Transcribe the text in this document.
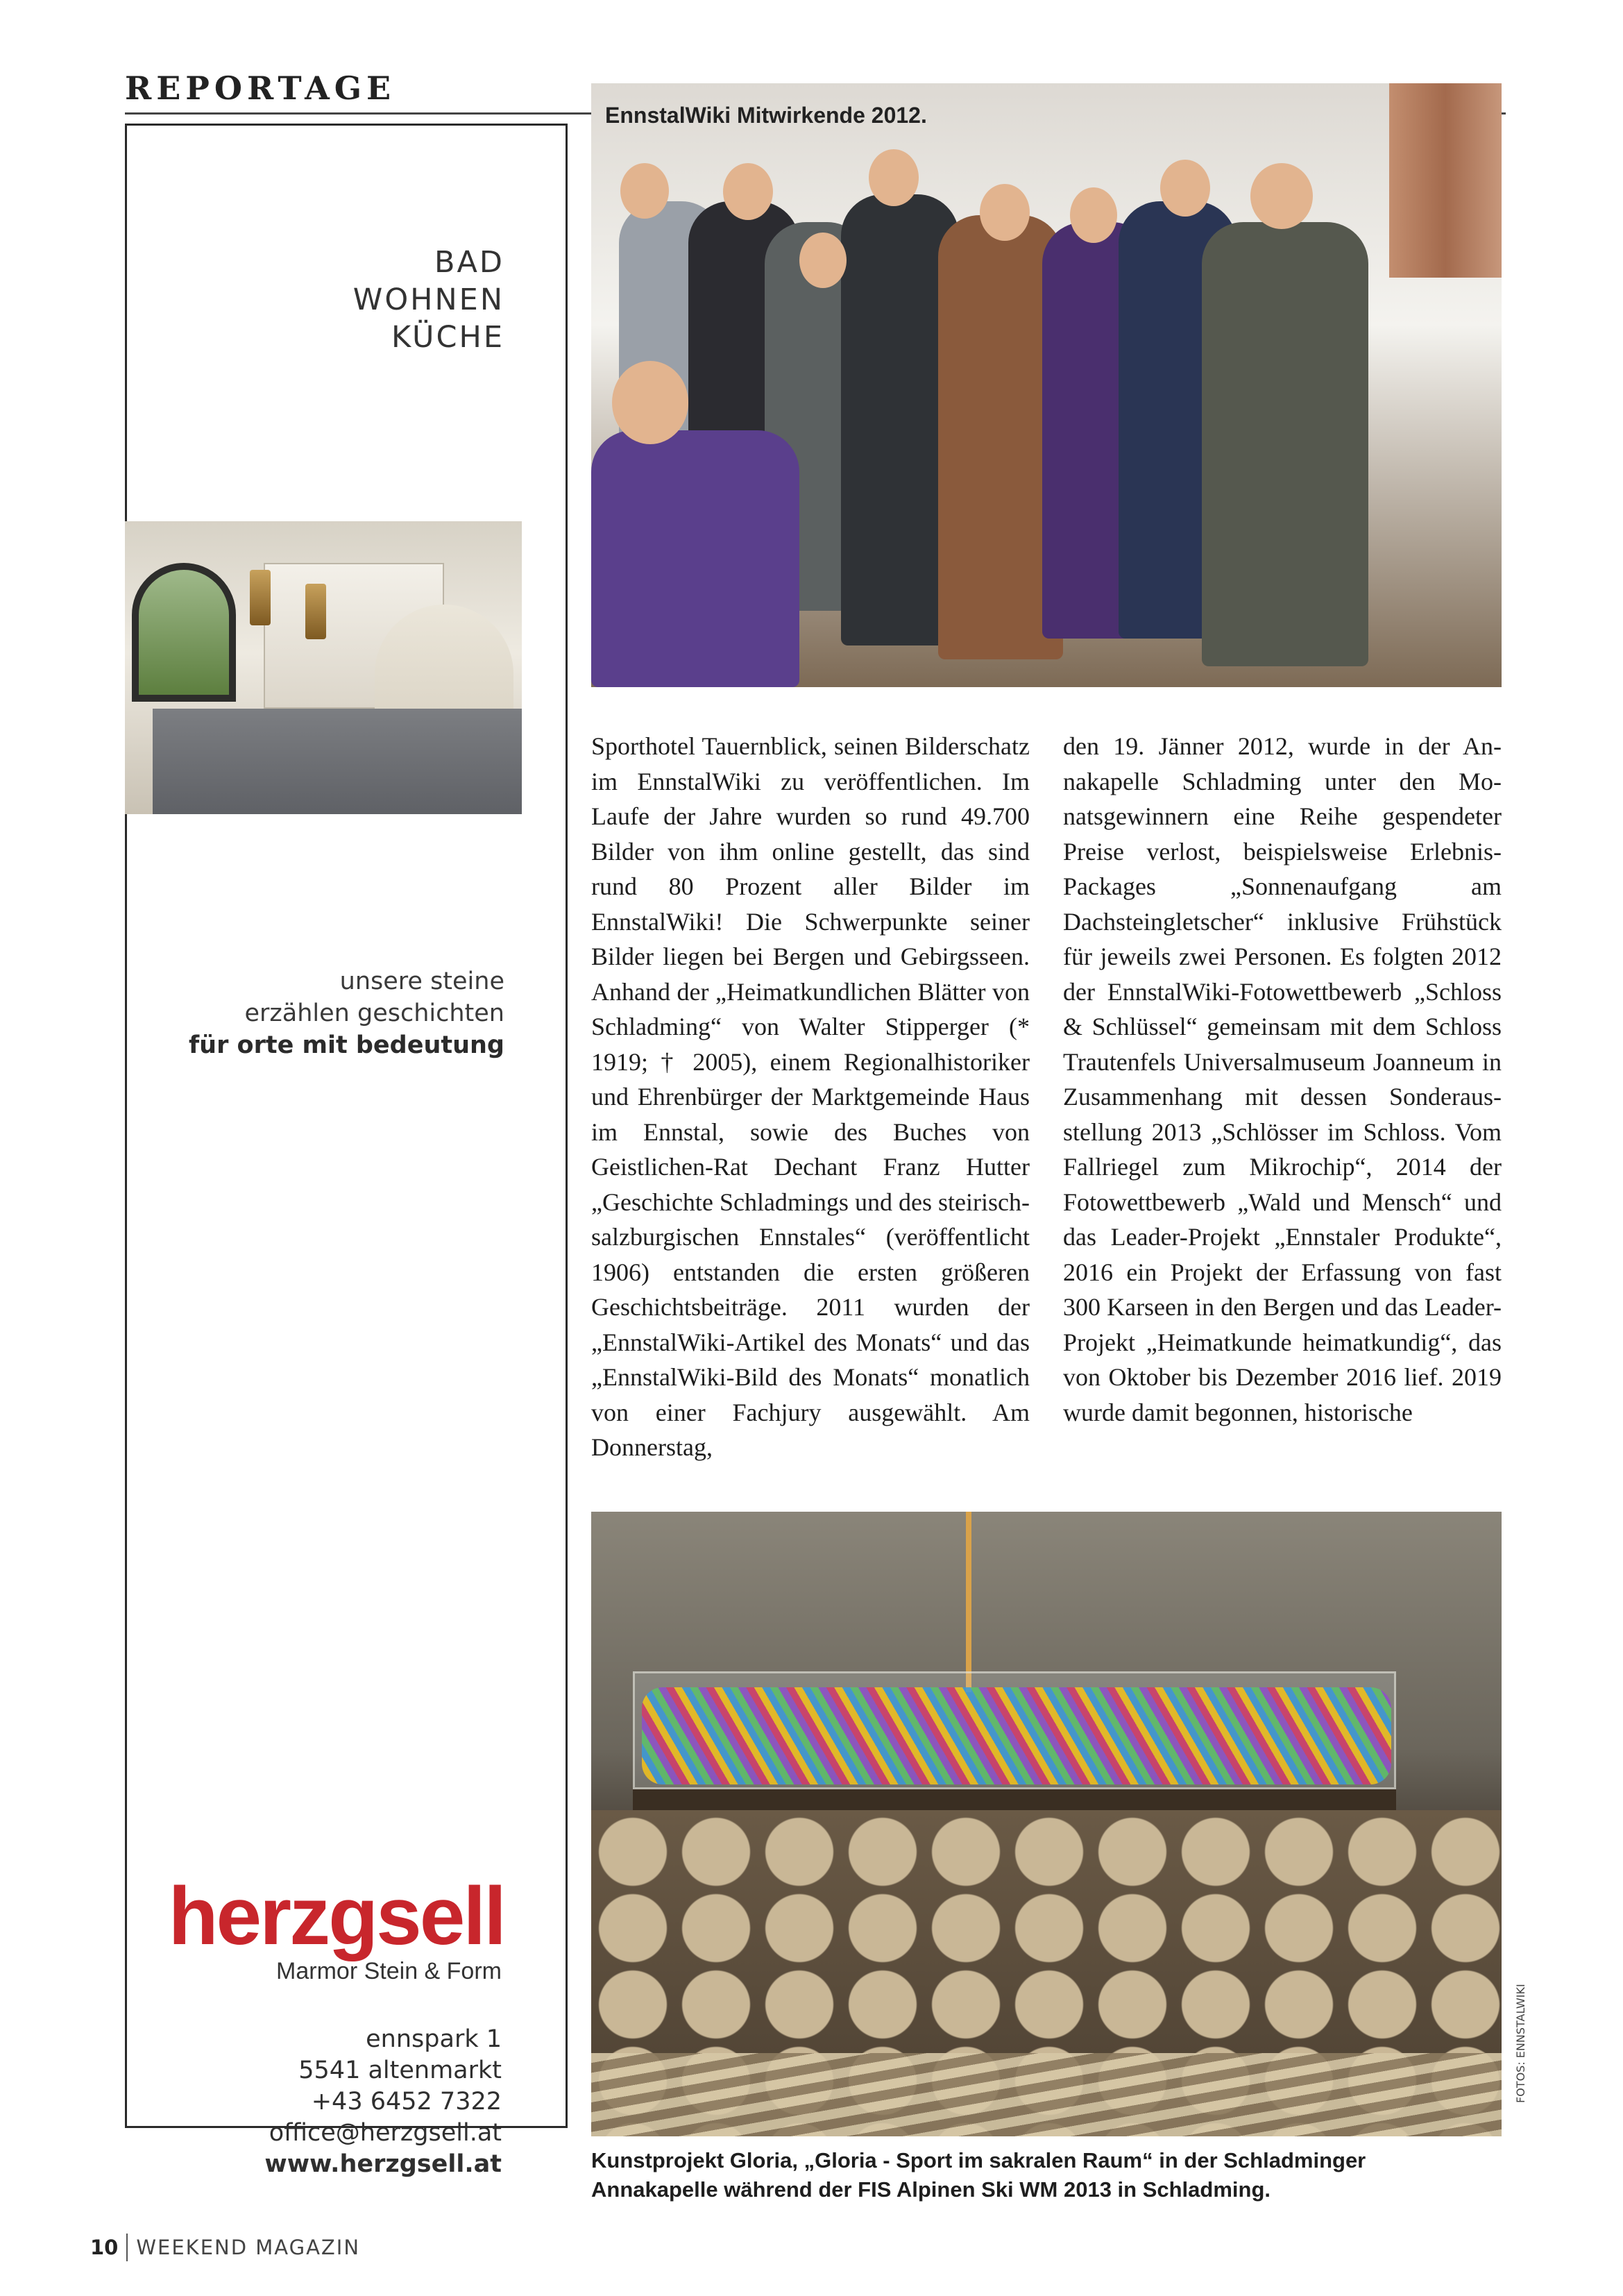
REPORTAGE
BAD
WOHNEN
KÜCHE
unsere steine
erzählen geschichten
für orte mit bedeutung
herzgsell
Marmor Stein & Form
ennspark 1
5541 altenmarkt
+43 6452 7322
office@herzgsell.at
www.herzgsell.at
EnnstalWiki Mitwirkende 2012.

Sporthotel Tauernblick, seinen Bilderschatz im EnnstalWiki zu veröffentlichen. Im Laufe der Jahre wurden so rund 49.700 Bilder von ihm online gestellt, das sind rund 80 Prozent aller Bilder im EnnstalWiki! Die Schwerpunkte seiner Bilder liegen bei Bergen und Gebirgsseen. Anhand der „Heimatkundlichen Blätter von Schladming“ von Walter Stipperger (* 1919; † 2005), einem Regionalhistoriker und Ehrenbürger der Marktgemeinde Haus im Ennstal, sowie des Buches von Geistlichen-Rat Dechant Franz Hutter „Geschichte Schladmings und des steirisch-salzburgischen Ennstales“ (veröffentlicht 1906) entstanden die ersten größeren Geschichtsbeiträge. 2011 wurden der „EnnstalWiki-Artikel des Monats“ und das „EnnstalWiki-Bild des Monats“ monatlich von einer Fachjury ausgewählt. Am Donnerstag,

den 19. Jänner 2012, wurde in der Annakapelle Schladming unter den Monatsgewinnern eine Reihe gespendeter Preise verlost, beispielsweise Erlebnis-Packages „Sonnenaufgang am Dachsteingletscher“ inklusive Frühstück für jeweils zwei Personen. Es folgten 2012 der EnnstalWiki-Fotowettbewerb „Schloss & Schlüssel“ gemeinsam mit dem Schloss Trautenfels Universalmuseum Joanneum in Zusammenhang mit dessen Sonderausstellung 2013 „Schlösser im Schloss. Vom Fallriegel zum Mikrochip“, 2014 der Fotowettbewerb „Wald und Mensch“ und das Leader-Projekt „Ennstaler Produkte“, 2016 ein Projekt der Erfassung von fast 300 Karseen in den Bergen und das Leader-Projekt „Heimatkunde heimatkundig“, das von Oktober bis Dezember 2016 lief. 2019 wurde damit begonnen, historische

Kunstprojekt Gloria, „Gloria - Sport im sakralen Raum“ in der Schladminger
Annakapelle während der FIS Alpinen Ski WM 2013 in Schladming.
FOTOS: ENNSTALWIKI
10 WEEKEND MAGAZIN
